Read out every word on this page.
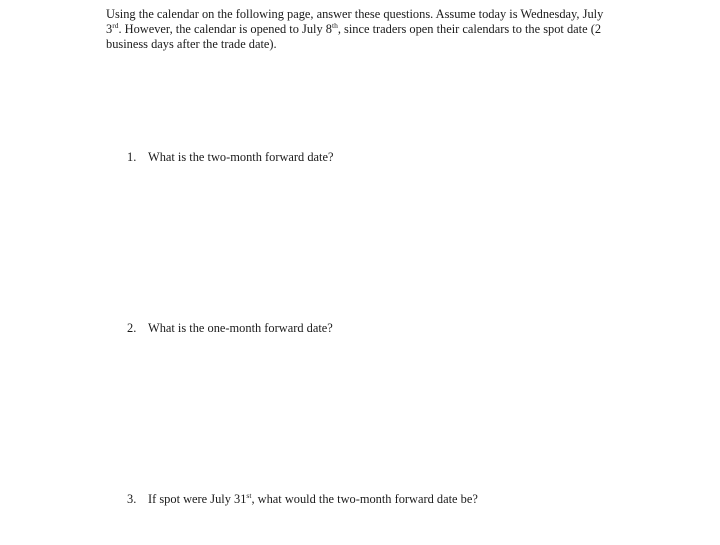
Using the calendar on the following page, answer these questions. Assume today is Wednesday, July 3rd. However, the calendar is opened to July 8th, since traders open their calendars to the spot date (2 business days after the trade date).

1. What is the two-month forward date?

2. What is the one-month forward date?

3. If spot were July 31st, what would the two-month forward date be?
